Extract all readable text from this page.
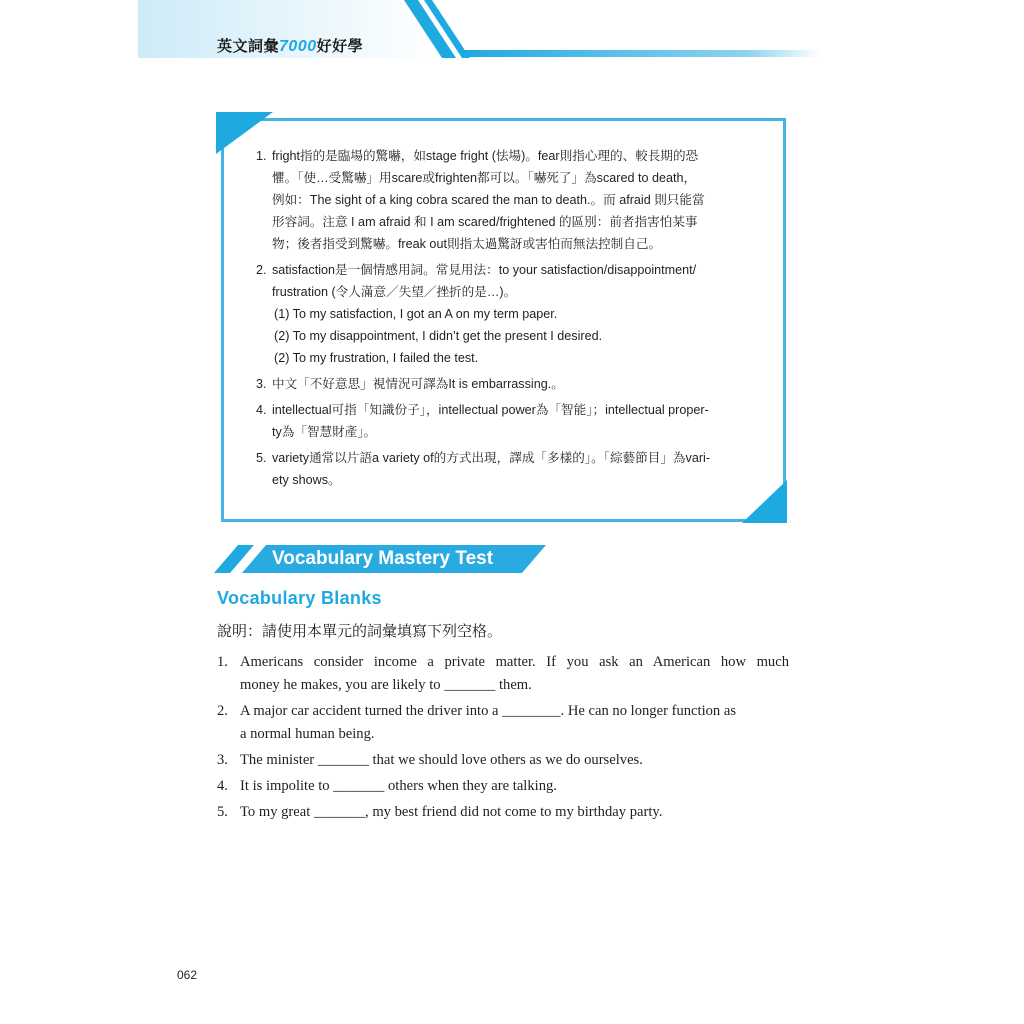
英文詞彙7000好好學
1. fright指的是臨場的驚嚇，如stage fright (怯場)。fear則指心理的、較長期的恐
懼。「使…受驚嚇」用scare或frighten都可以。「嚇死了」為scared to death，
例如：The sight of a king cobra scared the man to death.。而 afraid 則只能當
形容詞。注意 I am afraid 和 I am scared/frightened 的區別：前者指害怕某事
物；後者指受到驚嚇。freak out則指太過驚訝或害怕而無法控制自己。
2. satisfaction是一個情感用詞。常見用法：to your satisfaction/disappointment/
frustration (令人滿意／失望／挫折的是…)。
(1) To my satisfaction, I got an A on my term paper.
(2) To my disappointment, I didn’t get the present I desired.
(2) To my frustration, I failed the test.
3. 中文「不好意思」視情況可譯為It is embarrassing.。
4. intellectual可指「知識份子」，intellectual power為「智能」；intellectual proper-
ty為「智慧財產」。
5. variety通常以片語a variety of的方式出現，譯成「多樣的」。「綜藝節目」為vari-
ety shows。
Vocabulary Mastery Test
Vocabulary Blanks
說明：請使用本單元的詞彙填寫下列空格。
1. Americans consider income a private matter. If you ask an American how much
money he makes, you are likely to _______ them.
2. A major car accident turned the driver into a ________. He can no longer function as
a normal human being.
3. The minister _______ that we should love others as we do ourselves.
4. It is impolite to _______ others when they are talking.
5. To my great _______, my best friend did not come to my birthday party.
062
